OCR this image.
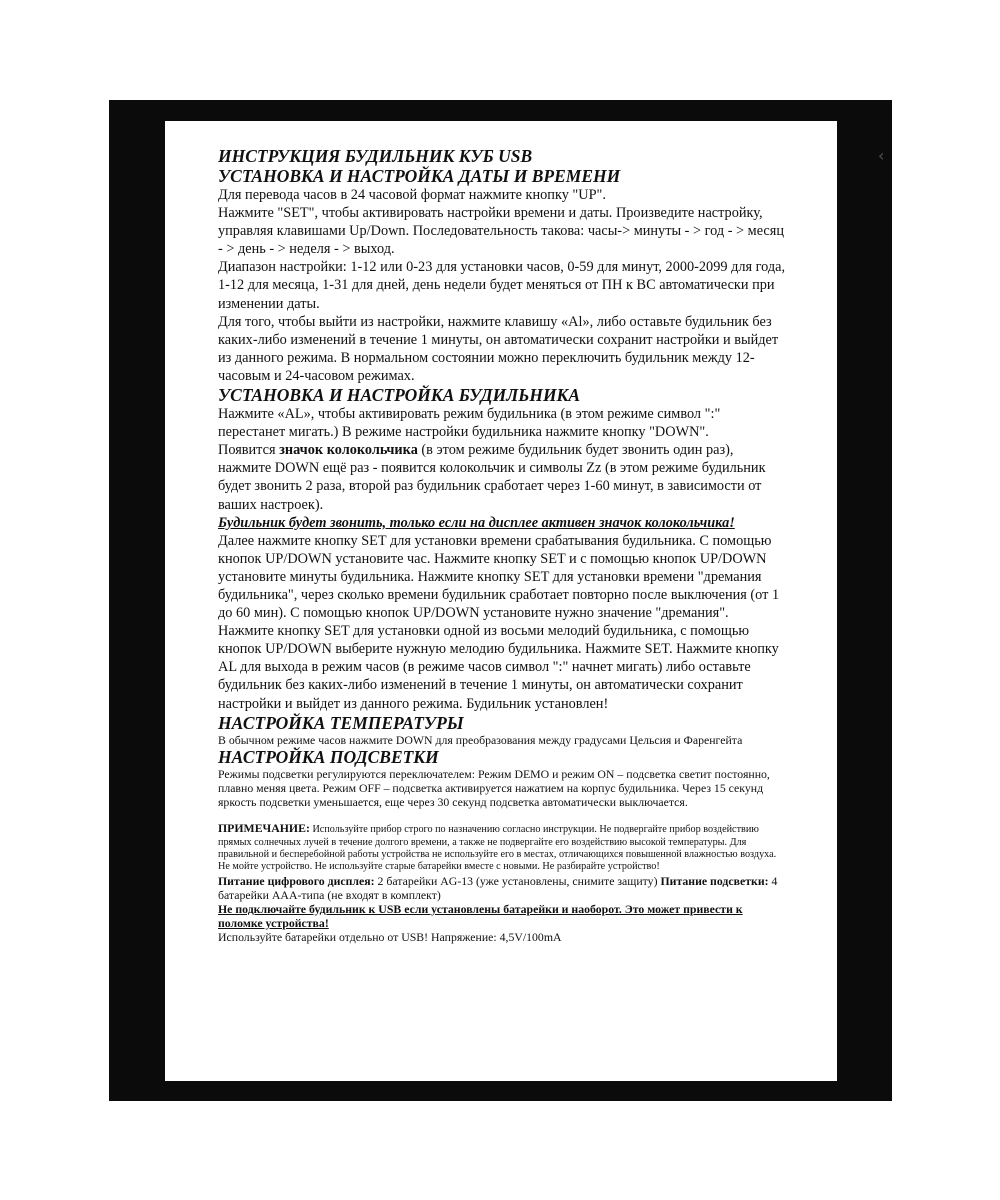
‹
ИНСТРУКЦИЯ БУДИЛЬНИК КУБ USB
УСТАНОВКА И НАСТРОЙКА ДАТЫ И ВРЕМЕНИ

Для перевода часов в 24 часовой формат нажмите кнопку "UP".

Нажмите "SET", чтобы активировать настройки времени и даты. Произведите настройку, управляя клавишами Up/Down. Последовательность такова: часы-> минуты - > год - > месяц - > день - > неделя - > выход.

Диапазон настройки: 1-12 или 0-23 для установки часов, 0-59 для минут, 2000-2099 для года, 1-12 для месяца, 1-31 для дней, день недели будет меняться от ПН к ВС автоматически при изменении даты.

Для того, чтобы выйти из настройки, нажмите клавишу «Al», либо оставьте будильник без каких-либо изменений в течение 1 минуты, он автоматически сохранит настройки и выйдет из данного режима. В нормальном состоянии можно переключить будильник между 12-часовым и 24-часовом режимах.

УСТАНОВКА И НАСТРОЙКА БУДИЛЬНИКА

Нажмите «AL», чтобы активировать режим будильника (в этом режиме символ ":" перестанет мигать.) В режиме настройки будильника нажмите кнопку "DOWN".

Появится значок колокольчика (в этом режиме будильник будет звонить один раз), нажмите DOWN ещё раз - появится колокольчик и символы Zz (в этом режиме будильник будет звонить 2 раза, второй раз будильник сработает через 1-60 минут, в зависимости от ваших настроек).

Будильник будет звонить, только если на дисплее активен значок колокольчика!

Далее нажмите кнопку SET для установки времени срабатывания будильника. С помощью кнопок UP/DOWN установите час. Нажмите кнопку SET и с помощью кнопок UP/DOWN установите минуты будильника. Нажмите кнопку SET для установки времени "дремания будильника", через сколько времени будильник сработает повторно после выключения (от 1 до 60 мин). С помощью кнопок UP/DOWN установите нужно значение "дремания". Нажмите кнопку SET для установки одной из восьми мелодий будильника, с помощью кнопок UP/DOWN выберите нужную мелодию будильника. Нажмите SET. Нажмите кнопку AL для выхода в режим часов (в режиме часов символ ":" начнет мигать) либо оставьте будильник без каких-либо изменений в течение 1 минуты, он автоматически сохранит настройки и выйдет из данного режима. Будильник установлен!

НАСТРОЙКА ТЕМПЕРАТУРЫ

В обычном режиме часов нажмите DOWN для преобразования между градусами Цельсия и Фаренгейта

НАСТРОЙКА ПОДСВЕТКИ

Режимы подсветки регулируются переключателем: Режим DEMO и режим ON – подсветка светит постоянно, плавно меняя цвета. Режим OFF – подсветка активируется нажатием на корпус будильника. Через 15 секунд яркость подсветки уменьшается, еще через 30 секунд подсветка автоматически выключается.

ПРИМЕЧАНИЕ: Используйте прибор строго по назначению согласно инструкции. Не подвергайте прибор воздействию прямых солнечных лучей в течение долгого времени, а также не подвергайте его воздействию высокой температуры. Для правильной и бесперебойной работы устройства не используйте его в местах, отличающихся повышенной влажностью воздуха. Не мойте устройство. Не используйте старые батарейки вместе с новыми. Не разбирайте устройство!

Питание цифрового дисплея: 2 батарейки AG-13 (уже установлены, снимите защиту) Питание подсветки: 4 батарейки AAA-типа (не входят в комплект)

Не подключайте будильник к USB если установлены батарейки и наоборот. Это может привести к поломке устройства!

Используйте батарейки отдельно от USB! Напряжение: 4,5V/100mA
